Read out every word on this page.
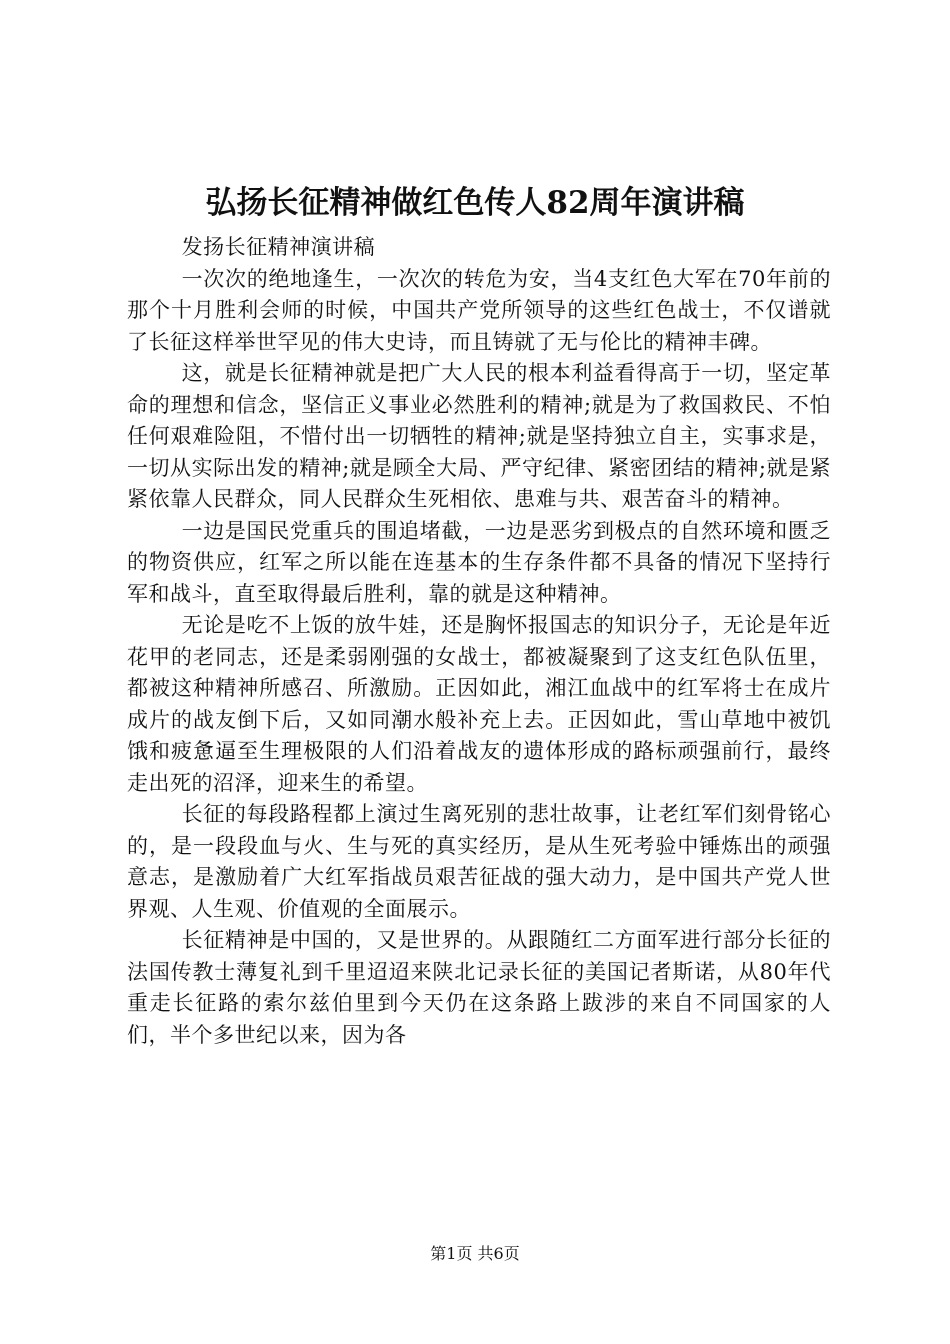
弘扬长征精神做红色传人82周年演讲稿

发扬长征精神演讲稿

一次次的绝地逢生，一次次的转危为安，当4支红色大军在70年前的那个十月胜利会师的时候，中国共产党所领导的这些红色战士，不仅谱就了长征这样举世罕见的伟大史诗，而且铸就了无与伦比的精神丰碑。

这，就是长征精神就是把广大人民的根本利益看得高于一切，坚定革命的理想和信念，坚信正义事业必然胜利的精神;就是为了救国救民、不怕任何艰难险阻，不惜付出一切牺牲的精神;就是坚持独立自主，实事求是，一切从实际出发的精神;就是顾全大局、严守纪律、紧密团结的精神;就是紧紧依靠人民群众，同人民群众生死相依、患难与共、艰苦奋斗的精神。

一边是国民党重兵的围追堵截，一边是恶劣到极点的自然环境和匮乏的物资供应，红军之所以能在连基本的生存条件都不具备的情况下坚持行军和战斗，直至取得最后胜利，靠的就是这种精神。

无论是吃不上饭的放牛娃，还是胸怀报国志的知识分子，无论是年近花甲的老同志，还是柔弱刚强的女战士，都被凝聚到了这支红色队伍里，都被这种精神所感召、所激励。正因如此，湘江血战中的红军将士在成片成片的战友倒下后，又如同潮水般补充上去。正因如此，雪山草地中被饥饿和疲惫逼至生理极限的人们沿着战友的遗体形成的路标顽强前行，最终走出死的沼泽，迎来生的希望。

长征的每段路程都上演过生离死别的悲壮故事，让老红军们刻骨铭心的，是一段段血与火、生与死的真实经历，是从生死考验中锤炼出的顽强意志，是激励着广大红军指战员艰苦征战的强大动力，是中国共产党人世界观、人生观、价值观的全面展示。

长征精神是中国的，又是世界的。从跟随红二方面军进行部分长征的法国传教士薄复礼到千里迢迢来陕北记录长征的美国记者斯诺，从80年代重走长征路的索尔兹伯里到今天仍在这条路上跋涉的来自不同国家的人们，半个多世纪以来，因为各

第1页 共6页
